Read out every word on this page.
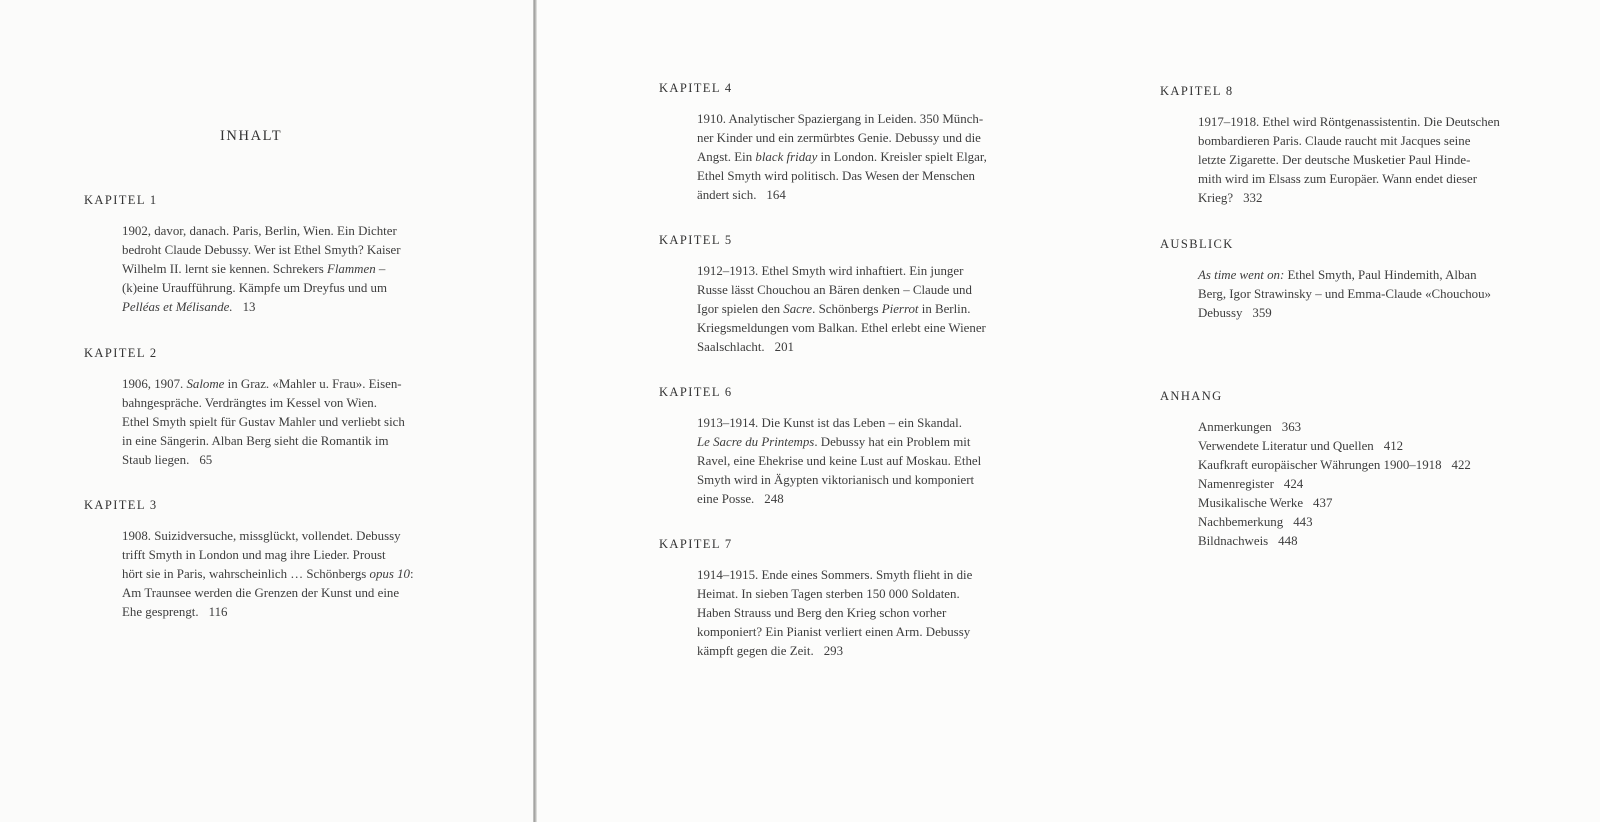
INHALT
KAPITEL 1
1902, davor, danach. Paris, Berlin, Wien. Ein Dichter
bedroht Claude Debussy. Wer ist Ethel Smyth? Kaiser
Wilhelm II. lernt sie kennen. Schrekers Flammen –
(k)eine Uraufführung. Kämpfe um Dreyfus und um
Pelléas et Mélisande. 13
KAPITEL 2
1906, 1907. Salome in Graz. «Mahler u. Frau». Eisen-
bahngespräche. Verdrängtes im Kessel von Wien.
Ethel Smyth spielt für Gustav Mahler und verliebt sich
in eine Sängerin. Alban Berg sieht die Romantik im
Staub liegen. 65
KAPITEL 3
1908. Suizidversuche, missglückt, vollendet. Debussy
trifft Smyth in London und mag ihre Lieder. Proust
hört sie in Paris, wahrscheinlich … Schönbergs opus 10:
Am Traunsee werden die Grenzen der Kunst und eine
Ehe gesprengt. 116
KAPITEL 4
1910. Analytischer Spaziergang in Leiden. 350 Münch-
ner Kinder und ein zermürbtes Genie. Debussy und die
Angst. Ein black friday in London. Kreisler spielt Elgar,
Ethel Smyth wird politisch. Das Wesen der Menschen
ändert sich. 164
KAPITEL 5
1912–1913. Ethel Smyth wird inhaftiert. Ein junger
Russe lässt Chouchou an Bären denken – Claude und
Igor spielen den Sacre. Schönbergs Pierrot in Berlin.
Kriegsmeldungen vom Balkan. Ethel erlebt eine Wiener
Saalschlacht. 201
KAPITEL 6
1913–1914. Die Kunst ist das Leben – ein Skandal.
Le Sacre du Printemps. Debussy hat ein Problem mit
Ravel, eine Ehekrise und keine Lust auf Moskau. Ethel
Smyth wird in Ägypten viktorianisch und komponiert
eine Posse. 248
KAPITEL 7
1914–1915. Ende eines Sommers. Smyth flieht in die
Heimat. In sieben Tagen sterben 150 000 Soldaten.
Haben Strauss und Berg den Krieg schon vorher
komponiert? Ein Pianist verliert einen Arm. Debussy
kämpft gegen die Zeit. 293
KAPITEL 8
1917–1918. Ethel wird Röntgenassistentin. Die Deutschen
bombardieren Paris. Claude raucht mit Jacques seine
letzte Zigarette. Der deutsche Musketier Paul Hinde-
mith wird im Elsass zum Europäer. Wann endet dieser
Krieg? 332
AUSBLICK
As time went on: Ethel Smyth, Paul Hindemith, Alban
Berg, Igor Strawinsky – und Emma-Claude «Chouchou»
Debussy 359
ANHANG
Anmerkungen 363
Verwendete Literatur und Quellen 412
Kaufkraft europäischer Währungen 1900–1918 422
Namenregister 424
Musikalische Werke 437
Nachbemerkung 443
Bildnachweis 448
